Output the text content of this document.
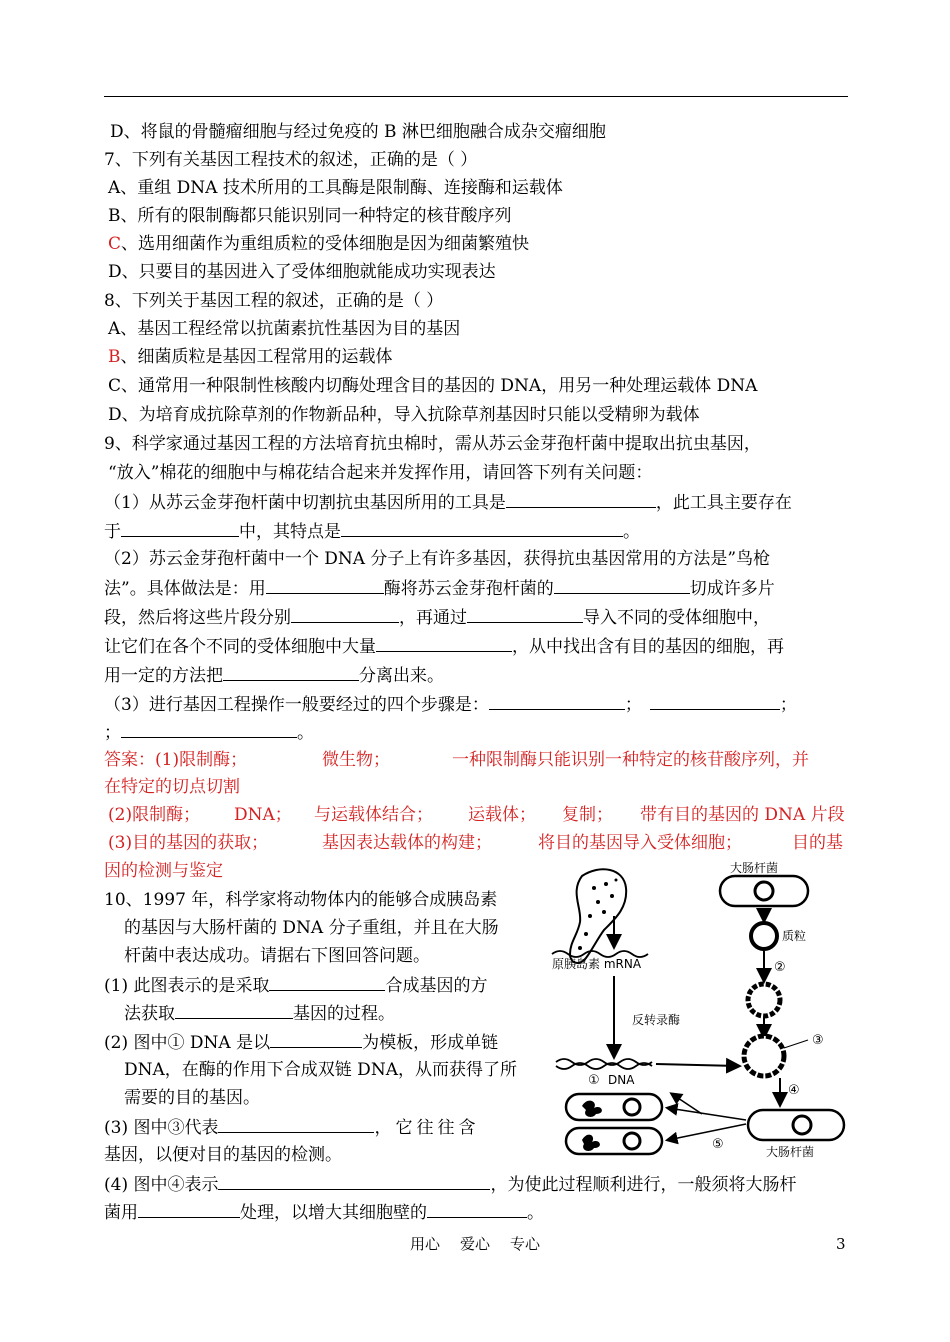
D、将鼠的骨髓瘤细胞与经过免疫的 B 淋巴细胞融合成杂交瘤细胞
7、下列有关基因工程技术的叙述，正确的是（ ）
A、重组 DNA 技术所用的工具酶是限制酶、连接酶和运载体
B、所有的限制酶都只能识别同一种特定的核苷酸序列
C、选用细菌作为重组质粒的受体细胞是因为细菌繁殖快
D、只要目的基因进入了受体细胞就能成功实现表达
8、下列关于基因工程的叙述，正确的是（ ）
A、基因工程经常以抗菌素抗性基因为目的基因
B、细菌质粒是基因工程常用的运载体
C、通常用一种限制性核酸内切酶处理含目的基因的 DNA，用另一种处理运载体 DNA
D、为培育成抗除草剂的作物新品种，导入抗除草剂基因时只能以受精卵为载体
9、科学家通过基因工程的方法培育抗虫棉时，需从苏云金芽孢杆菌中提取出抗虫基因，
“放入”棉花的细胞中与棉花结合起来并发挥作用，请回答下列有关问题：
（1）从苏云金芽孢杆菌中切割抗虫基因所用的工具是	，此工具主要存在
于	中，其特点是	。
（2）苏云金芽孢杆菌中一个 DNA 分子上有许多基因，获得抗虫基因常用的方法是”鸟枪
法”。具体做法是：用	酶将苏云金芽孢杆菌的	切成许多片
段，然后将这些片段分别	，再通过	导入不同的受体细胞中，
让它们在各个不同的受体细胞中大量	，从中找出含有目的基因的细胞，再
用一定的方法把	分离出来。
（3）进行基因工程操作一般要经过的四个步骤是：	；	；
；	。
答案：(1)限制酶；	微生物；	一种限制酶只能识别一种特定的核苷酸序列，并
在特定的切点切割
(2)限制酶； DNA； 与运载体结合； 运载体； 复制； 带有目的基因的 DNA 片段
(3)目的基因的获取；	基因表达载体的构建；	将目的基因导入受体细胞；	目的基
因的检测与鉴定
10、1997 年，科学家将动物体内的能够合成胰岛素
的基因与大肠杆菌的 DNA 分子重组，并且在大肠
杆菌中表达成功。请据右下图回答问题。
(1) 此图表示的是采取	合成基因的方
法获取	基因的过程。
(2) 图中① DNA 是以	为模板，形成单链
DNA，在酶的作用下合成双链 DNA，从而获得了所
需要的目的基因。
(3) 图中③代表	，它往往含
基因，以便对目的基因的检测。
(4) 图中④表示	，为使此过程顺利进行，一般须将大肠杆
菌用	处理，以增大其细胞壁的	。
原胰岛素 mRNA
反转录酶
① DNA
大肠杆菌
质粒
②
③
④
大肠杆菌
⑤
用心 爱心 专心	3
